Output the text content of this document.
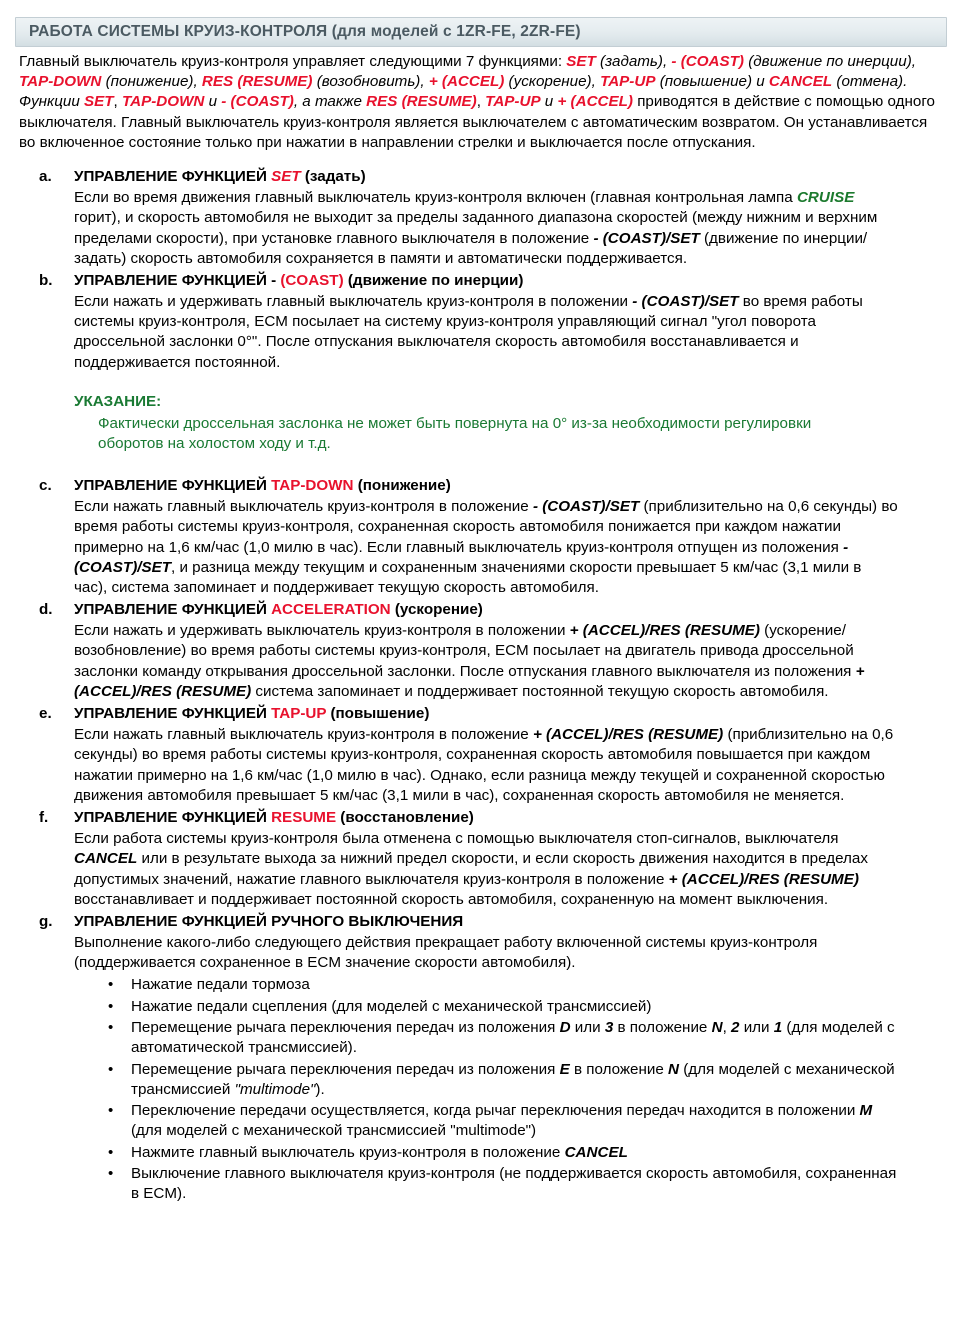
РАБОТА СИСТЕМЫ КРУИЗ-КОНТРОЛЯ (для моделей с 1ZR-FE, 2ZR-FE)

Главный выключатель круиз-контроля управляет следующими 7 функциями: SET (задать), - (COAST) (движение по инерции), TAP-DOWN (понижение), RES (RESUME) (возобновить), + (ACCEL) (ускорение), TAP-UP (повышение) и CANCEL (отмена). Функции SET, TAP-DOWN и - (COAST), а также RES (RESUME), TAP-UP и + (ACCEL) приводятся в действие с помощью одного выключателя. Главный выключатель круиз-контроля является выключателем с автоматическим возвратом. Он устанавливается во включенное состояние только при нажатии в направлении стрелки и выключается после отпускания.

a.	УПРАВЛЕНИЕ ФУНКЦИЕЙ SET (задать)

Если во время движения главный выключатель круиз-контроля включен (главная контрольная лампа CRUISE горит), и скорость автомобиля не выходит за пределы заданного диапазона скоростей (между нижним и верхним пределами скорости), при установке главного выключателя в положение - (COAST)/SET (движение по инерции/задать) скорость автомобиля сохраняется в памяти и автоматически поддерживается.

b.	УПРАВЛЕНИЕ ФУНКЦИЕЙ - (COAST) (движение по инерции)

Если нажать и удерживать главный выключатель круиз-контроля в положении - (COAST)/SET во время работы системы круиз-контроля, ECM посылает на систему круиз-контроля управляющий сигнал "угол поворота дроссельной заслонки 0°". После отпускания выключателя скорость автомобиля восстанавливается и поддерживается постоянной.

УКАЗАНИЕ:

Фактически дроссельная заслонка не может быть повернута на 0° из-за необходимости регулировки оборотов на холостом ходу и т.д.

c.	УПРАВЛЕНИЕ ФУНКЦИЕЙ TAP-DOWN (понижение)

Если нажать главный выключатель круиз-контроля в положение - (COAST)/SET (приблизительно на 0,6 секунды) во время работы системы круиз-контроля, сохраненная скорость автомобиля понижается при каждом нажатии примерно на 1,6 км/час (1,0 милю в час). Если главный выключатель круиз-контроля отпущен из положения - (COAST)/SET, и разница между текущим и сохраненным значениями скорости превышает 5 км/час (3,1 мили в час), система запоминает и поддерживает текущую скорость автомобиля.

d.	УПРАВЛЕНИЕ ФУНКЦИЕЙ ACCELERATION (ускорение)

Если нажать и удерживать выключатель круиз-контроля в положении + (ACCEL)/RES (RESUME) (ускорение/возобновление) во время работы системы круиз-контроля, ECM посылает на двигатель привода дроссельной заслонки команду открывания дроссельной заслонки. После отпускания главного выключателя из положения + (ACCEL)/RES (RESUME) система запоминает и поддерживает постоянной текущую скорость автомобиля.

e.	УПРАВЛЕНИЕ ФУНКЦИЕЙ TAP-UP (повышение)

Если нажать главный выключатель круиз-контроля в положение + (ACCEL)/RES (RESUME) (приблизительно на 0,6 секунды) во время работы системы круиз-контроля, сохраненная скорость автомобиля повышается при каждом нажатии примерно на 1,6 км/час (1,0 милю в час). Однако, если разница между текущей и сохраненной скоростью движения автомобиля превышает 5 км/час (3,1 мили в час), сохраненная скорость автомобиля не меняется.

f.	УПРАВЛЕНИЕ ФУНКЦИЕЙ RESUME (восстановление)

Если работа системы круиз-контроля была отменена с помощью выключателя стоп-сигналов, выключателя CANCEL или в результате выхода за нижний предел скорости, и если скорость движения находится в пределах допустимых значений, нажатие главного выключателя круиз-контроля в положение + (ACCEL)/RES (RESUME) восстанавливает и поддерживает постоянной скорость автомобиля, сохраненную на момент выключения.

g.	УПРАВЛЕНИЕ ФУНКЦИЕЙ РУЧНОГО ВЫКЛЮЧЕНИЯ

Выполнение какого-либо следующего действия прекращает работу включенной системы круиз-контроля (поддерживается сохраненное в ECM значение скорости автомобиля).

• Нажатие педали тормоза
• Нажатие педали сцепления (для моделей с механической трансмиссией)
• Перемещение рычага переключения передач из положения D или 3 в положение N, 2 или 1 (для моделей с автоматической трансмиссией).
• Перемещение рычага переключения передач из положения E в положение N (для моделей с механической трансмиссией "multimode").
• Переключение передачи осуществляется, когда рычаг переключения передач находится в положении M (для моделей с механической трансмиссией "multimode")
• Нажмите главный выключатель круиз-контроля в положение CANCEL
• Выключение главного выключателя круиз-контроля (не поддерживается скорость автомобиля, сохраненная в ECM).
